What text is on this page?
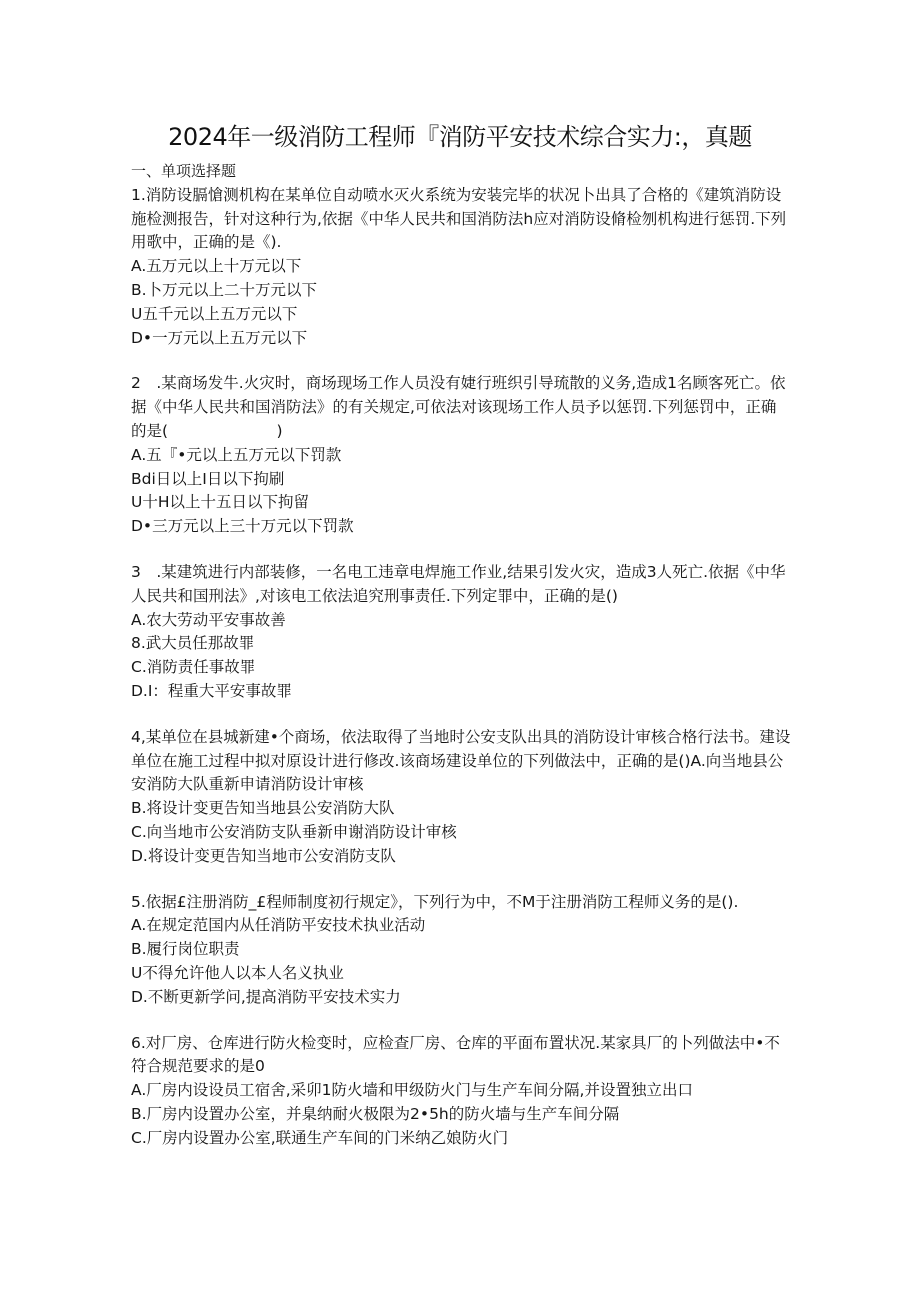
2024年一级消防工程师『消防平安技术综合实力:，真题
一、单项选择题
1.消防设膈愴测机构在某单位自动喷水灭火系统为安装完毕的状况卜出具了合格的《建筑消防设
施检测报告，针对这种行为,依据《中华人民共和国消防法h应对消防设脩检刎机构进行惩罚.下列
用歌中，正确的是《).
A.五万元以上十万元以下
B.卜万元以上二十万元以下
U五千元以上五万元以下
D•一万元以上五万元以下
2　.某商场发牛.火灾时，商场现场工作人员没有婕行班织引导琉散的义务,造成1名顾客死亡。依
据《中华人民共和国消防法》的有关规定,可依法对该现场工作人员予以惩罚.下列惩罚中，正确
的是(　　　　　　　)
A.五『•元以上五万元以下罚款
Bdi日以上I日以下拘刷
U十H以上十五日以下拘留
D•三万元以上三十万元以下罚款
3　.某建筑进行内部装修，一名电工违章电焊施工作业,结果引发火灾，造成3人死亡.依据《中华
人民共和国刑法》,对该电工依法追究刑事责任.下列定罪中，正确的是()
A.农大劳动平安事故善
8.武大员任那故罪
C.消防责任事故罪
D.I：程重大平安事故罪
4,某单位在县城新建•个商场，依法取得了当地时公安支队出具的消防设计审核合格行法书。建设
单位在施工过程中拟对原设计进行修改.该商场建设单位的下列做法中，正确的是()A.向当地县公
安消防大队重新申请消防设计审核
B.将设计变更告知当地县公安消防大队
C.向当地市公安消防支队垂新申谢消防设计审核
D.将设计变更告知当地市公安消防支队
5.依据£注册消防_£程师制度初行规定》，下列行为中，不M于注册消防工程师义务的是().
A.在规定范国内从任消防平安技术执业活动
B.履行岗位职责
U不得允许他人以本人名义执业
D.不断更新学问,提高消防平安技术实力
6.对厂房、仓库进行防火检变时，应检查厂房、仓库的平面布置状况.某家具厂的卜列做法中•不
符合规范要求的是0
A.厂房内设设员工宿舍,采卯1防火墙和甲级防火门与生产车间分隔,并设置独立出口
B.厂房内设置办公室，并臬纳耐火极限为2•5h的防火墙与生产车间分隔
C.厂房内设置办公室,联通生产车间的门米纳乙娘防火门
